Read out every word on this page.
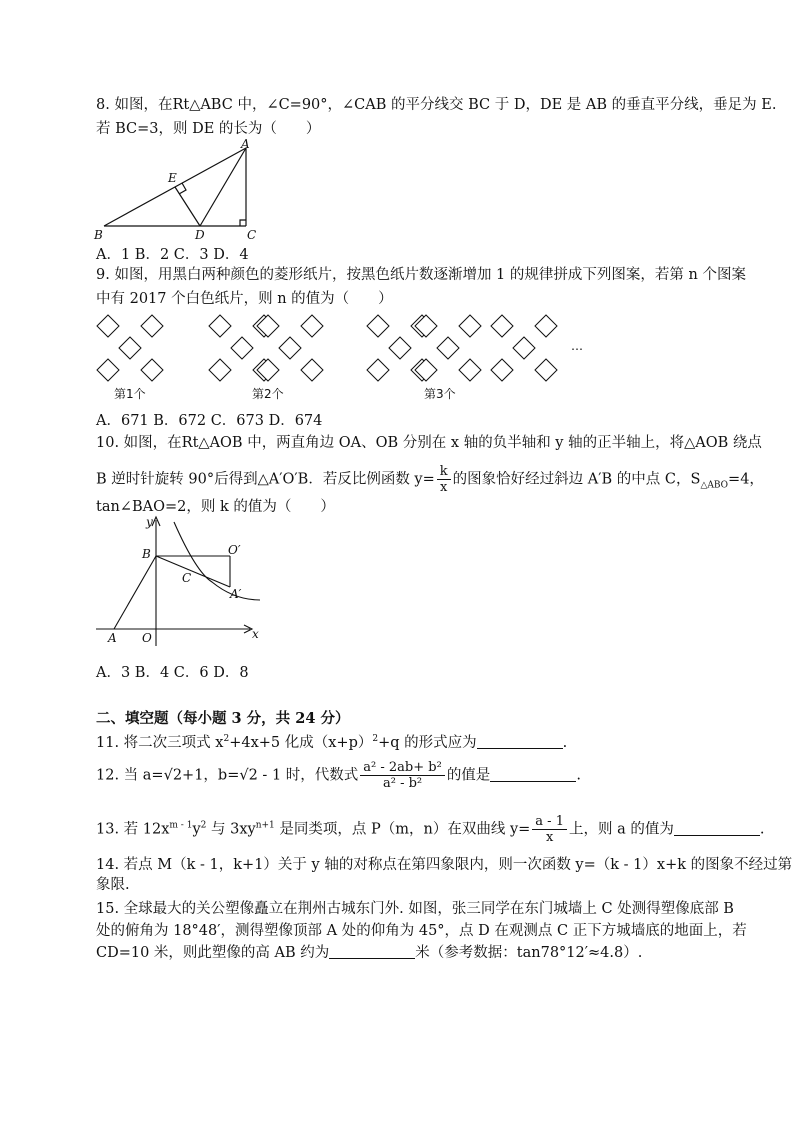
8. 如图，在Rt△ABC 中，∠C=90°，∠CAB 的平分线交 BC 于 D，DE 是 AB 的垂直平分线，垂足为 E.
若 BC=3，则 DE 的长为（　　）
A
B	C
D
E
A．1 B．2 C．3 D．4
9. 如图，用黑白两种颜色的菱形纸片，按黑色纸片数逐渐增加 1 的规律拼成下列图案，若第 n 个图案
中有 2017 个白色纸片，则 n 的值为（　　）
第1个	第2个	第3个
…
A．671 B．672 C．673 D．674
10. 如图，在Rt△AOB 中，两直角边 OA、OB 分别在 x 轴的负半轴和 y 轴的正半轴上，将△AOB 绕点
B 逆时针旋转 90°后得到△A′O′B．若反比例函数 $y= \frac{k}{x}$ 的图象恰好经过斜边 A′B 的中点 C，$S_{\triangle ABO}=4$，
tan∠BAO=2，则 k 的值为（　　）
y
x
B	O′
C
A′
A O
A．3 B．4 C．6 D．8
二、填空题（每小题 3 分，共 24 分）
11. 将二次三项式 $x^2+4x+5$ 化成$(x+p)^2+q$ 的形式应为	.
12. 当 a=√2+1，b=√2 - 1 时，代数式 $\frac{\text{a² - 2ab+ b²}}{\text{a² - b²}}$ 的值是	.
13. 若 $12x^{m - 1}y^2$ 与 $3xy^{n+1}$ 是同类项，点 P（m，n）在双曲线 $y= \frac{a - 1}{x}$ 上，则 a 的值为	.
14. 若点 M（k - 1，k+1）关于 y 轴的对称点在第四象限内，则一次函数 y=（k - 1）x+k 的图象不经过第
象限.
15. 全球最大的关公塑像矗立在荆州古城东门外. 如图，张三同学在东门城墙上 C 处测得塑像底部 B
处的俯角为 18°48′，测得塑像顶部 A 处的仰角为 45°，点 D 在观测点 C 正下方城墙底的地面上，若
CD=10 米，则此塑像的高 AB 约为	米（参考数据：tan78°12′≈4.8）.
